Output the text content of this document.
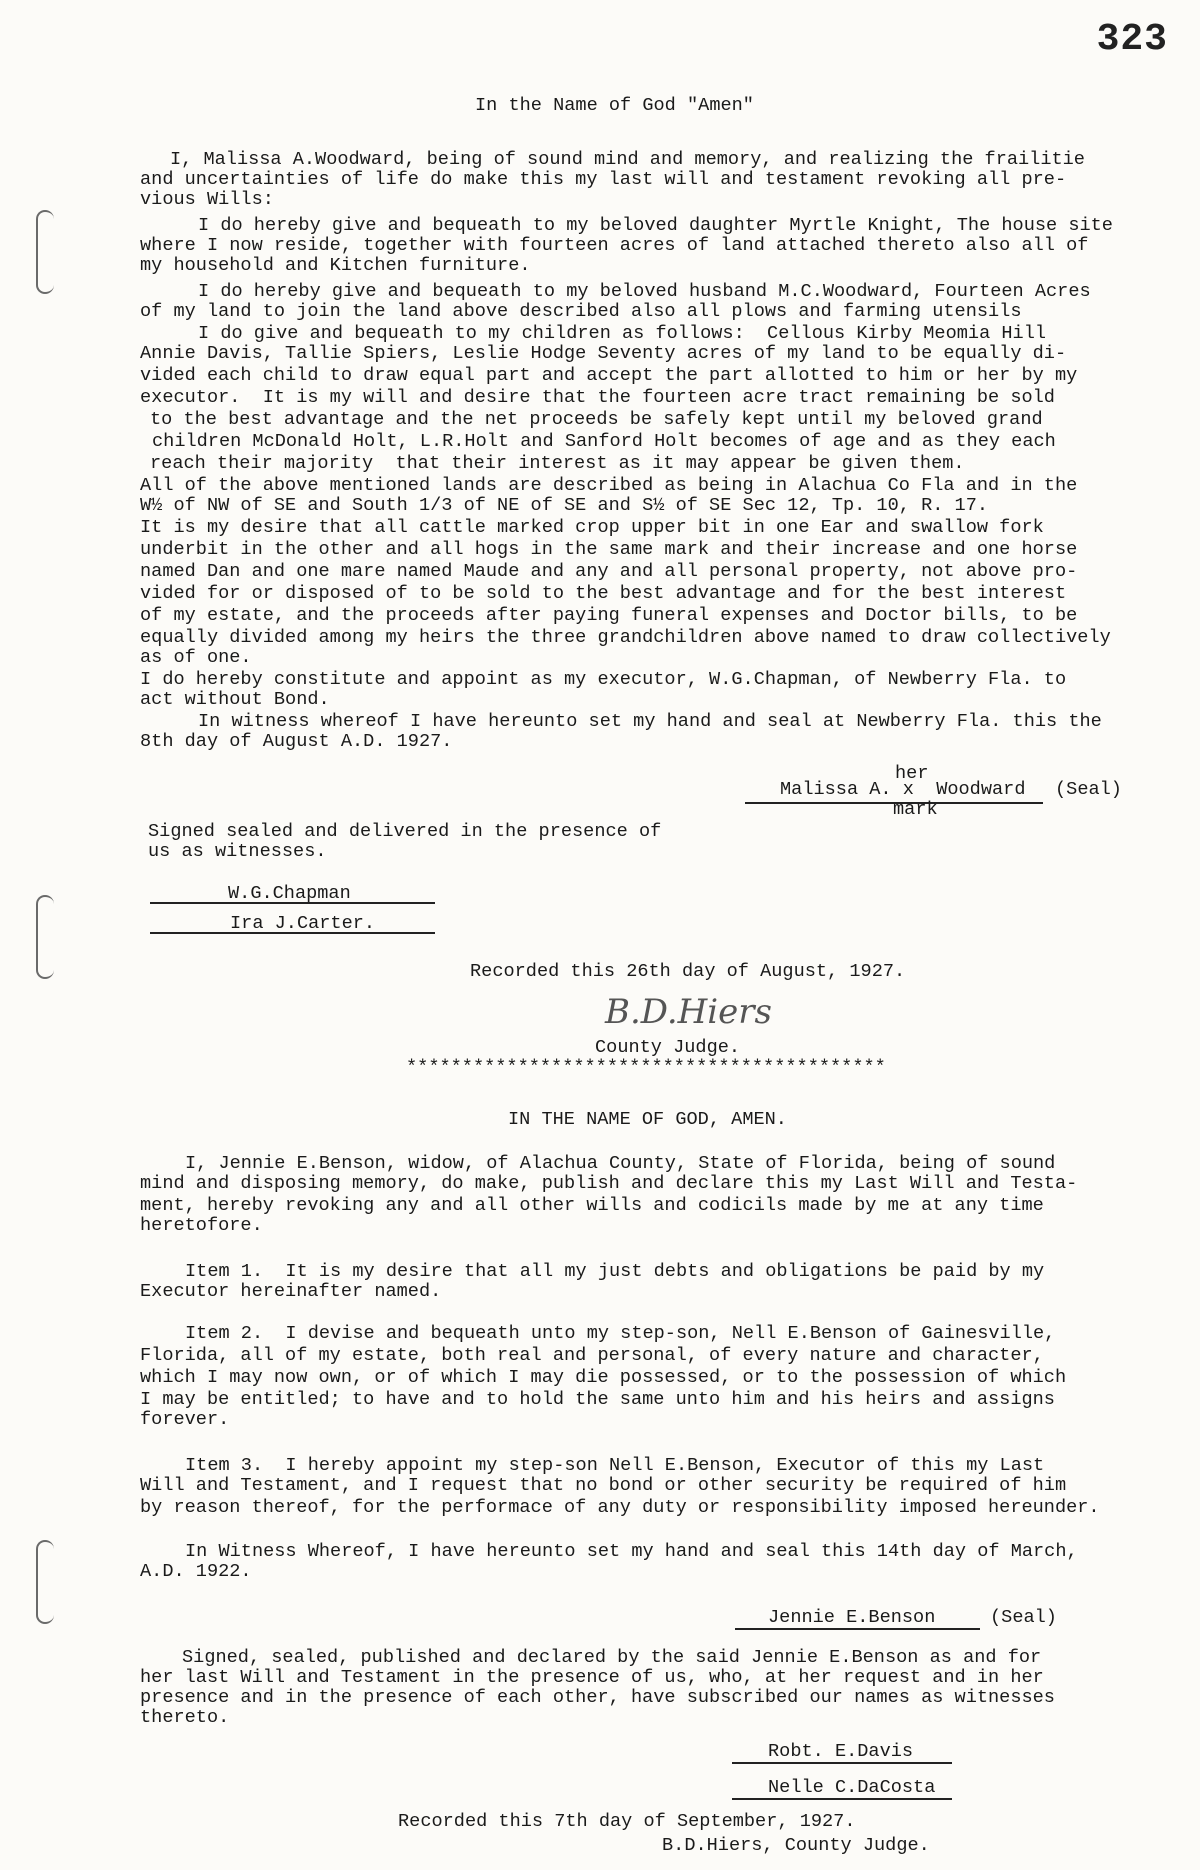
323
In the Name of God "Amen"
I, Malissa A.Woodward, being of sound mind and memory, and realizing the frailitie
and uncertainties of life do make this my last will and testament revoking all pre-
vious Wills:
I do hereby give and bequeath to my beloved daughter Myrtle Knight, The house site
where I now reside, together with fourteen acres of land attached thereto also all of
my household and Kitchen furniture.
I do hereby give and bequeath to my beloved husband M.C.Woodward, Fourteen Acres
of my land to join the land above described also all plows and farming utensils
I do give and bequeath to my children as follows:  Cellous Kirby Meomia Hill
Annie Davis, Tallie Spiers, Leslie Hodge Seventy acres of my land to be equally di-
vided each child to draw equal part and accept the part allotted to him or her by my
executor.  It is my will and desire that the fourteen acre tract remaining be sold
to the best advantage and the net proceeds be safely kept until my beloved grand
children McDonald Holt, L.R.Holt and Sanford Holt becomes of age and as they each
reach their majority  that their interest as it may appear be given them.
All of the above mentioned lands are described as being in Alachua Co Fla and in the
W½ of NW of SE and South 1/3 of NE of SE and S½ of SE Sec 12, Tp. 10, R. 17.
It is my desire that all cattle marked crop upper bit in one Ear and swallow fork
underbit in the other and all hogs in the same mark and their increase and one horse
named Dan and one mare named Maude and any and all personal property, not above pro-
vided for or disposed of to be sold to the best advantage and for the best interest
of my estate, and the proceeds after paying funeral expenses and Doctor bills, to be
equally divided among my heirs the three grandchildren above named to draw collectively
as of one.
I do hereby constitute and appoint as my executor, W.G.Chapman, of Newberry Fla. to
act without Bond.
In witness whereof I have hereunto set my hand and seal at Newberry Fla. this the
8th day of August A.D. 1927.
her
Malissa A. x  Woodward (Seal)
mark
Signed sealed and delivered in the presence of
us as witnesses.
W.G.Chapman
Ira J.Carter.
Recorded this 26th day of August, 1927.
B.D.Hiers
County Judge.
*******************************************
IN THE NAME OF GOD, AMEN.
I, Jennie E.Benson, widow, of Alachua County, State of Florida, being of sound
mind and disposing memory, do make, publish and declare this my Last Will and Testa-
ment, hereby revoking any and all other wills and codicils made by me at any time
heretofore.
Item 1.  It is my desire that all my just debts and obligations be paid by my
Executor hereinafter named.
Item 2.  I devise and bequeath unto my step-son, Nell E.Benson of Gainesville,
Florida, all of my estate, both real and personal, of every nature and character,
which I may now own, or of which I may die possessed, or to the possession of which
I may be entitled; to have and to hold the same unto him and his heirs and assigns
forever.
Item 3.  I hereby appoint my step-son Nell E.Benson, Executor of this my Last
Will and Testament, and I request that no bond or other security be required of him
by reason thereof, for the performace of any duty or responsibility imposed hereunder.
In Witness Whereof, I have hereunto set my hand and seal this 14th day of March,
A.D. 1922.
Jennie E.Benson	(Seal)
Signed, sealed, published and declared by the said Jennie E.Benson as and for
her last Will and Testament in the presence of us, who, at her request and in her
presence and in the presence of each other, have subscribed our names as witnesses
thereto.
Robt. E.Davis
Nelle C.DaCosta
Recorded this 7th day of September, 1927.
B.D.Hiers, County Judge.
